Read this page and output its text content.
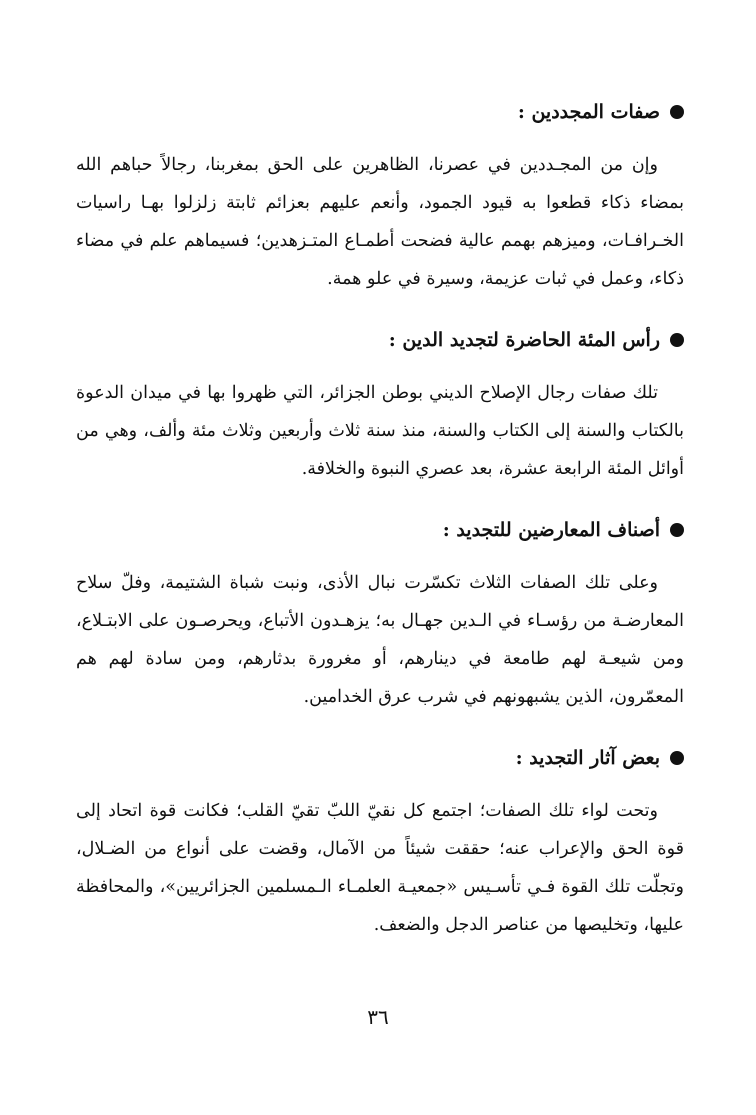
صفات المجددين :

وإن من المجـددين في عصرنا، الظاهرين على الحق بمغربنا، رجالاً حباهم الله بمضاء ذكاء قطعوا به قيود الجمود، وأنعم عليهم بعزائم ثابتة زلزلوا بهـا راسيات الخـرافـات، وميزهم بهمم عالية فضحت أطمـاع المتـزهدين؛ فسيماهم علم في مضاء ذكاء، وعمل في ثبات عزيمة، وسيرة في علو همة.

رأس المئة الحاضرة لتجديد الدين :

تلك صفات رجال الإصلاح الديني بوطن الجزائر، التي ظهروا بها في ميدان الدعوة بالكتاب والسنة إلى الكتاب والسنة، منذ سنة ثلاث وأربعين وثلاث مئة وألف، وهي من أوائل المئة الرابعة عشرة، بعد عصري النبوة والخلافة.

أصناف المعارضين للتجديد :

وعلى تلك الصفات الثلاث تكسّرت نبال الأذى، ونبت شباة الشتيمة، وفلّ سلاح المعارضـة من رؤسـاء في الـدين جهـال به؛ يزهـدون الأتباع، ويحرصـون على الابتـلاع، ومن شيعـة لهم طامعة في دينارهم، أو مغرورة بدثارهم، ومن سادة لهم هم المعمّرون، الذين يشبهونهم في شرب عرق الخدامين.

بعض آثار التجديد :

وتحت لواء تلك الصفات؛ اجتمع كل نقيّ اللبّ تقيّ القلب؛ فكانت قوة اتحاد إلى قوة الحق والإعراب عنه؛ حققت شيئاً من الآمال، وقضت على أنواع من الضـلال، وتجلّت تلك القوة فـي تأسـيس «جمعيـة العلمـاء الـمسلمين الجزائريين»، والمحافظة عليها، وتخليصها من عناصر الدجل والضعف.

٣٦
